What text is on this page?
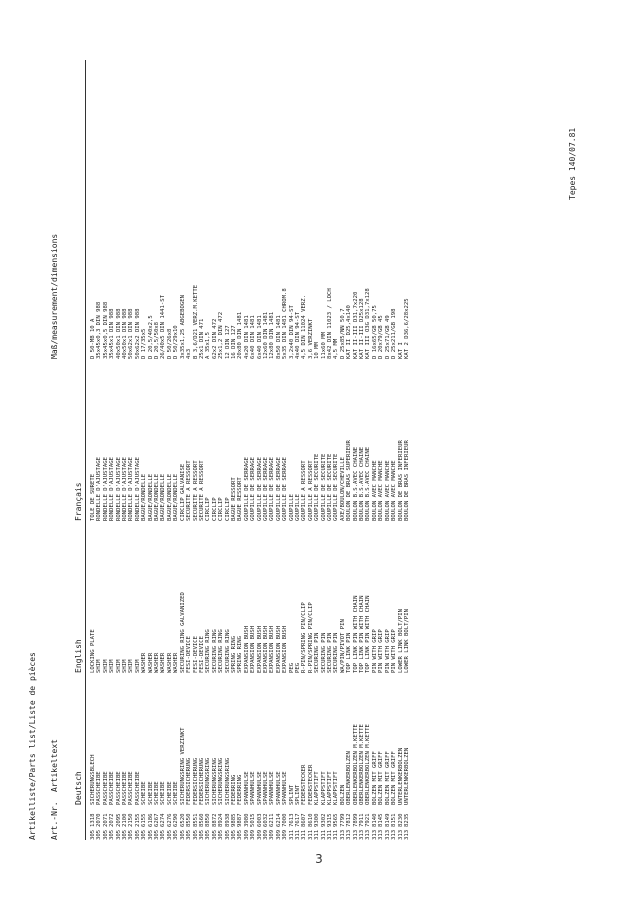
Artikelliste/Parts list/Liste de pièces Art.-Nr.
Artikeltext
Maß/measurement/dimensions
Deutsch
English
Français
305
1318
SICHERUNGSBLECH
LOCKING PLATE
TOLE DE SURETE
D 50-MB 10 A
305
2070
PASSCHEIBE
SHIM
RONDELLE D'AJUSTAGE
35x45x0,3 DIN 988
305
2071
PASSCHEIBE
SHIM
RONDELLE D'AJUSTAGE
35x45x0,5 DIN 988
305
2072
PASSCHEIBE
SHIM
RONDELLE D'AJUSTAGE
35x45x1 DIN 988
305
2095
PASSCHEIBE
SHIM
RONDELLE D'AJUSTAGE
40x50x1 DIN 988
305
2100
PASSCHEIBE
SHIM
RONDELLE D'AJUSTAGE
40x50x1 DIN 988
305
2150
PASSCHEIBE
SHIM
RONDELLE D'AJUSTAGE
50x62x1 DIN 988
305
2155
PASSCHEIBE
SHIM
RONDELLE D'AJUSTAGE
50x62x2 DIN 988
305
6155
SCHEIBE
WASHER
BAGUE/RONDELLE
D 17/35x5
305
6186
SCHEIBE
WASHER
BAGUE/RONDELLE
D 20,5/40x2,5
305
6267
SCHEIBE
WASHER
BAGUE/RONDELLE
D 20,5/50x8
305
6274
SCHEIBE
WASHER
BAGUE/RONDELLE
26/40x5 DIN 1441-ST
305
6276
SCHEIBE
WASHER
BAGUE/RONDELLE
D 50/26x8
305
6290
SCHEIBE
WASHER
BAGUE/RONDELLE
D 50/29x10
305
6520
SICHERUNGSRING VERZINKT
SECURING RING GALVANIZED
CIRCLIP GALVANISE
3x35x1,25 ABGEBOGEN
305
8550
FEDERSICHERUNG
FESI-DEVICE
SECURITE A RESSORT
4x3
305
8551
FEDERSICHERUNG
FESI-DEVICE
SECURITE A RESSORT
B 3,6/D21 VERZ.M.KETTE
305
8560
FEDERSICHERUNG
FESI-DEVICE
SECURITE A RESSORT
25x1 DIN 471
305
8850
SICHERUNGSRING
SECURING RING
CIRCLIP
A 35x1,5
305
8872
SICHERUNGSRING
SECURING RING
CIRCLIP
62x2 DIN 472
305
8924
SICHERUNGSRING
SECURING RING
CIRCLIP
25x1,2 DIN 472
305
8938
SICHERUNGSRING
SECURING RING
CIRCLIP
12 DIN 127
305
9885
FEDERRING
SPRING RING
BAGUE RESSORT
16 DIN 127
305
9887
FEDERRING
SPRING RING
BAGUE RESSORT
20x80 DIN 1481
309
3980
SPANNHÜLSE
EXPANSION BUSH
GOUPILLE DE SERRAGE
4x20 DIN 1481
309
5015
SPANNHÜLSE
EXPANSION BUSH
GOUPILLE DE SERRAGE
6x40 DIN 1481
309
6003
SPANNHÜLSE
EXPANSION BUSH
GOUPILLE DE SERRAGE
6x40 DIN 1481
309
6032
SPANNHÜLSE
EXPANSION BUSH
GOUPILLE DE SERRAGE
12x60 DIN 1481
309
6211
SPANNHÜLSE
EXPANSION BUSH
GOUPILLE DE SERRAGE
12x80 DIN 1481
309
6214
SPANNHÜLSE
EXPANSION BUSH
GOUPILLE DE SERRAGE
8x50 DIN 1481
309
7000
SPANNHÜLSE
EXPANSION BUSH
GOUPILLE DE SERRAGE
5x35 DIN 1481 CHROM.8
311
7613
SPLINT
PEG
GOUPILLE
3,2x40 DIN 94-ST
311
7617
SPLINT
PEG
GOUPILLE
4x40 DIN 94-ST
311
8607
FEDERSTECKER
R-PIN/SPRING PIN/CLIP
GOUPILLE A RESSORT
4,5 DIN 11024 VERZ.
311
8610
FEDERSTECKER
R-PIN/SPRING PIN/CLIP
GOUPILLE A RESSORT
3,6 VERZINKT
311
9300
KLAPPSTIFT
SECURING PIN
GOUPILLE DE SECURITE
10 MM
311
9302
KLAPPSTIFT
SECURING PIN
GOUPILLE DE SECURITE
11x60 MM
311
9315
KLAPPSTIFT
SECURING PIN
GOUPILLE DE SECURITE
8x42 DIN 11023 / LOCH
311
9565
KLAPPSTIFT
SECURING PIN
GOUPILLE DE SECURITE
4,5 MM
313
7799
BOLZEN
WA/PIN/PIVOT PIN
AXE/BOULON/CHEVILLE
D 25x85/NN 50,7
313
7812
OBERLENKERBOLZEN
TOP LINK PIN
BOULON DE BRAS SUPERIEUR
KAT II D25,4x140
313
7899
OBERLENKERBOLZEN M.KETTE
TOP LINK PIN WITH CHAIN
BOULON B.S.AVEC CHAINE
KAT II-III D31,7x220
313
7911
OBERLENKERBOLZEN M.KETTE
TOP LINK PIN WITH CHAIN
BOULON B.S.AVEC CHAINE
KAT II-III D25x128
313
7921
OBERLENKERBOLZEN M.KETTE
TOP LINK PIN WITH CHAIN
BOULON B.S.AVEC CHAINE
KAT III O3G D31,7x128
313
8140
BOLZEN MIT GRIFF
PIN WITH GRIP
BOULON AVEC MANCHE
D 16x65/GB 50,75
313
8145
BOLZEN MIT GRIFF
PIN WITH GRIP
BOULON AVEC MANCHE
D 20x79/GB 45
313
8149
BOLZEN MIT GRIFF
PIN WITH GRIP
BOULON AVEC MANCHE
D 25x71/GB 49
313
8151
BOLZEN MIT GRIFF
PIN WITH GRIP
BOULON AVEC MANCHE
D 25x211/GB 198
313
8230
UNTERLENKERBOLZEN
LOWER LINK BOLT/PIN
BOULON DE BRAS INFERIEUR
KAT I
313
8235
UNTERLENKERBOLZEN
LOWER LINK BOLT/PIN
BOULON DE BRAS INFERIEUR
KAT 2 D36,6/28x225
Tepes 140/07.81
3
